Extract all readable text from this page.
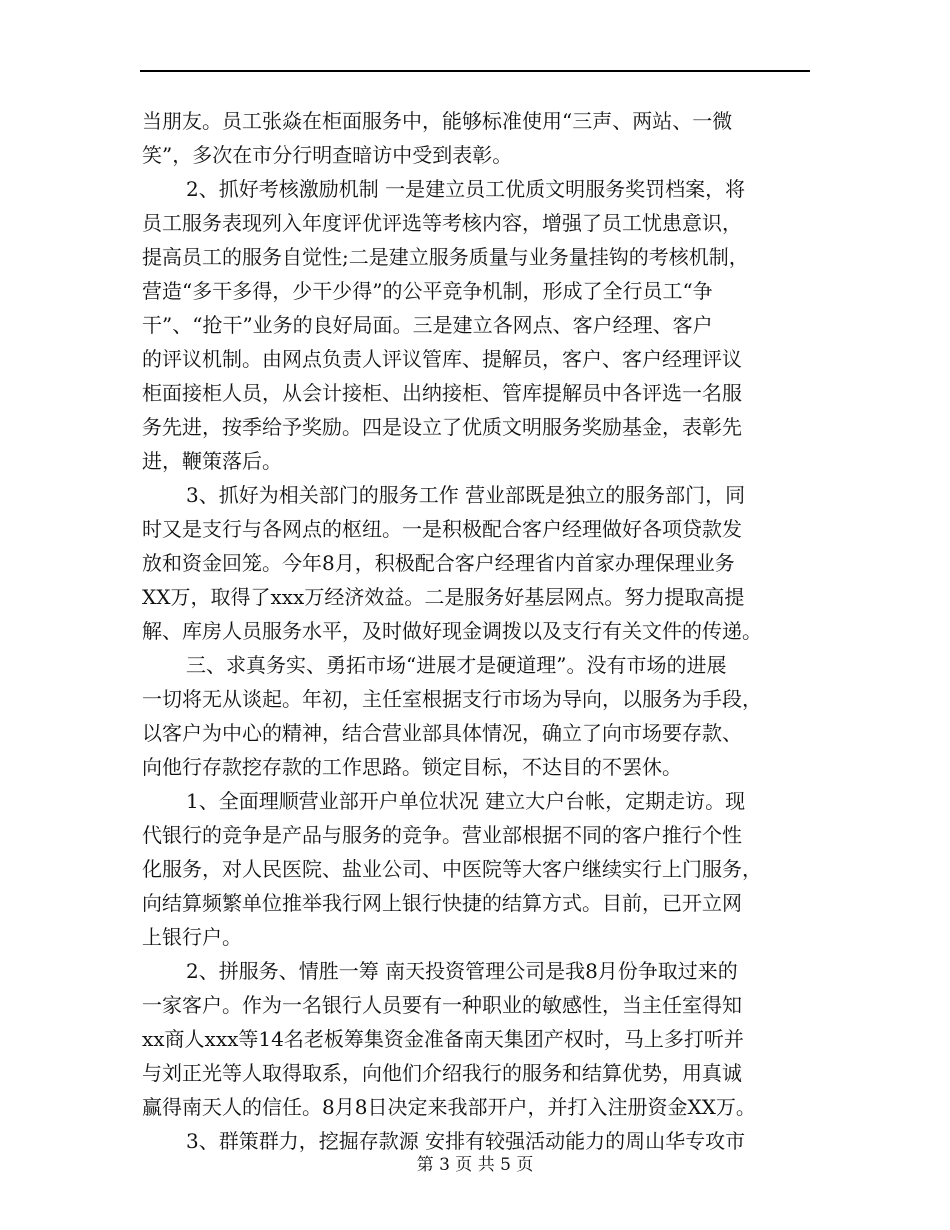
当朋友。员工张焱在柜面服务中，能够标准使用“三声、两站、一微
笑”，多次在市分行明查暗访中受到表彰。
2、抓好考核激励机制 一是建立员工优质文明服务奖罚档案，将
员工服务表现列入年度评优评选等考核内容，增强了员工忧患意识，
提高员工的服务自觉性;二是建立服务质量与业务量挂钩的考核机制，
营造“多干多得，少干少得”的公平竞争机制，形成了全行员工“争
干”、“抢干”业务的良好局面。三是建立各网点、客户经理、客户
的评议机制。由网点负责人评议管库、提解员，客户、客户经理评议
柜面接柜人员，从会计接柜、出纳接柜、管库提解员中各评选一名服
务先进，按季给予奖励。四是设立了优质文明服务奖励基金，表彰先
进，鞭策落后。
3、抓好为相关部门的服务工作 营业部既是独立的服务部门，同
时又是支行与各网点的枢纽。一是积极配合客户经理做好各项贷款发
放和资金回笼。今年8月，积极配合客户经理省内首家办理保理业务
XX万，取得了xxx万经济效益。二是服务好基层网点。努力提取高提
解、库房人员服务水平，及时做好现金调拨以及支行有关文件的传递。
三、求真务实、勇拓市场“进展才是硬道理”。没有市场的进展
一切将无从谈起。年初，主任室根据支行市场为导向，以服务为手段，
以客户为中心的精神，结合营业部具体情况，确立了向市场要存款、
向他行存款挖存款的工作思路。锁定目标，不达目的不罢休。
1、全面理顺营业部开户单位状况 建立大户台帐，定期走访。现
代银行的竞争是产品与服务的竞争。营业部根据不同的客户推行个性
化服务，对人民医院、盐业公司、中医院等大客户继续实行上门服务，
向结算频繁单位推举我行网上银行快捷的结算方式。目前，已开立网
上银行户。
2、拼服务、情胜一筹 南天投资管理公司是我8月份争取过来的
一家客户。作为一名银行人员要有一种职业的敏感性，当主任室得知
xx商人xxx等14名老板筹集资金准备南天集团产权时，马上多打听并
与刘正光等人取得取系，向他们介绍我行的服务和结算优势，用真诚
赢得南天人的信任。8月8日决定来我部开户，并打入注册资金XX万。
3、群策群力，挖掘存款源 安排有较强活动能力的周山华专攻市
第 3 页 共 5 页
